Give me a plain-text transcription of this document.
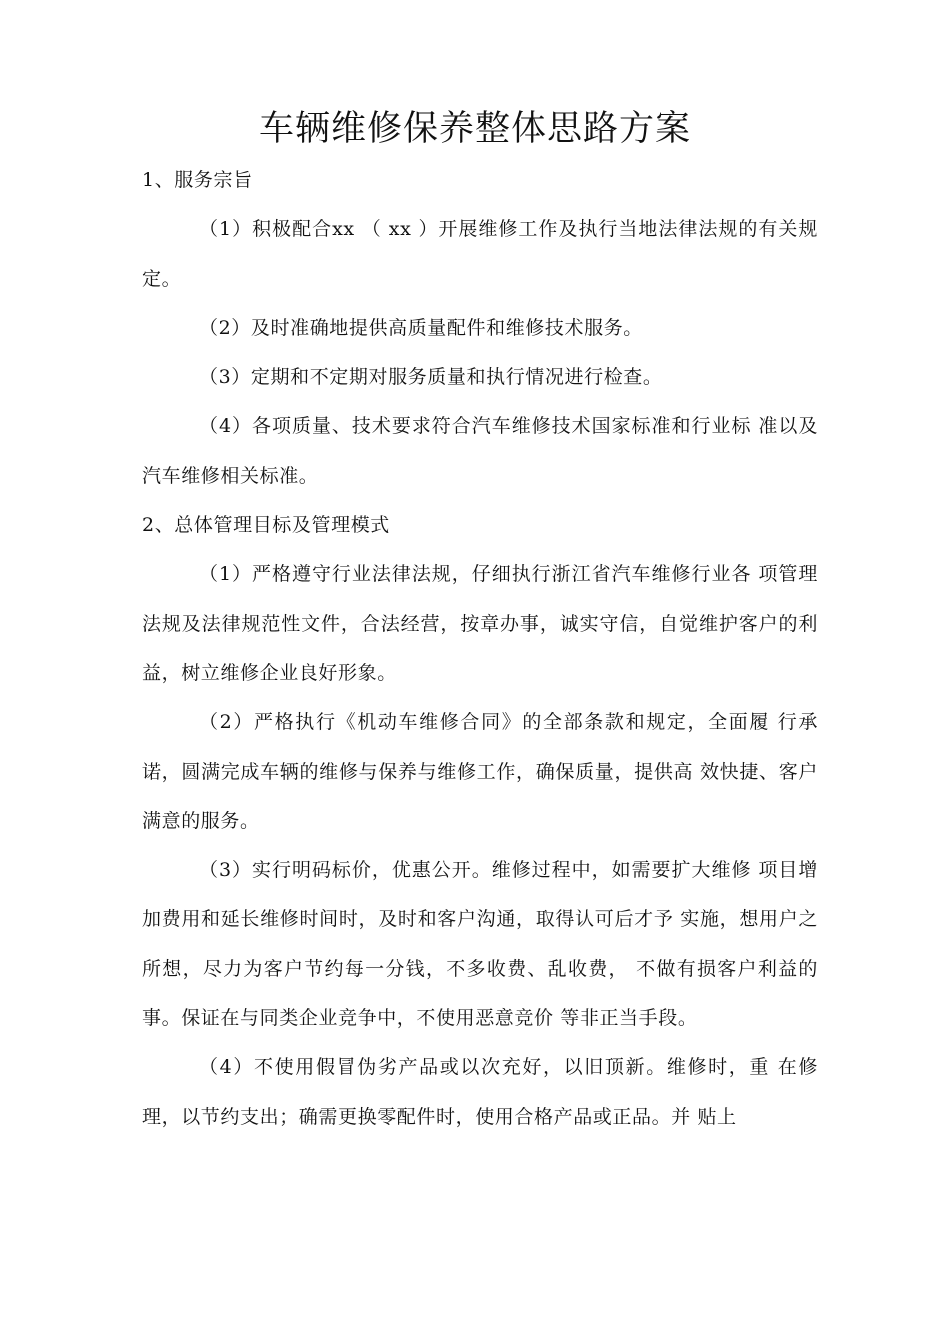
车辆维修保养整体思路方案

1、服务宗旨

（1）积极配合xx （ xx ）开展维修工作及执行当地法律法规的有关规定。

（2）及时准确地提供高质量配件和维修技术服务。

（3）定期和不定期对服务质量和执行情况进行检查。

（4）各项质量、技术要求符合汽车维修技术国家标准和行业标 准以及汽车维修相关标准。

2、总体管理目标及管理模式

（1）严格遵守行业法律法规，仔细执行浙江省汽车维修行业各 项管理法规及法律规范性文件，合法经营，按章办事，诚实守信，自觉维护客户的利益，树立维修企业良好形象。

（2）严格执行《机动车维修合同》的全部条款和规定，全面履 行承诺，圆满完成车辆的维修与保养与维修工作，确保质量，提供高 效快捷、客户满意的服务。

（3）实行明码标价，优惠公开。维修过程中，如需要扩大维修 项目增加费用和延长维修时间时，及时和客户沟通，取得认可后才予 实施，想用户之所想，尽力为客户节约每一分钱，不多收费、乱收费， 不做有损客户利益的事。保证在与同类企业竞争中，不使用恶意竞价 等非正当手段。

（4）不使用假冒伪劣产品或以次充好，以旧顶新。维修时，重 在修理，以节约支出；确需更换零配件时，使用合格产品或正品。并 贴上
